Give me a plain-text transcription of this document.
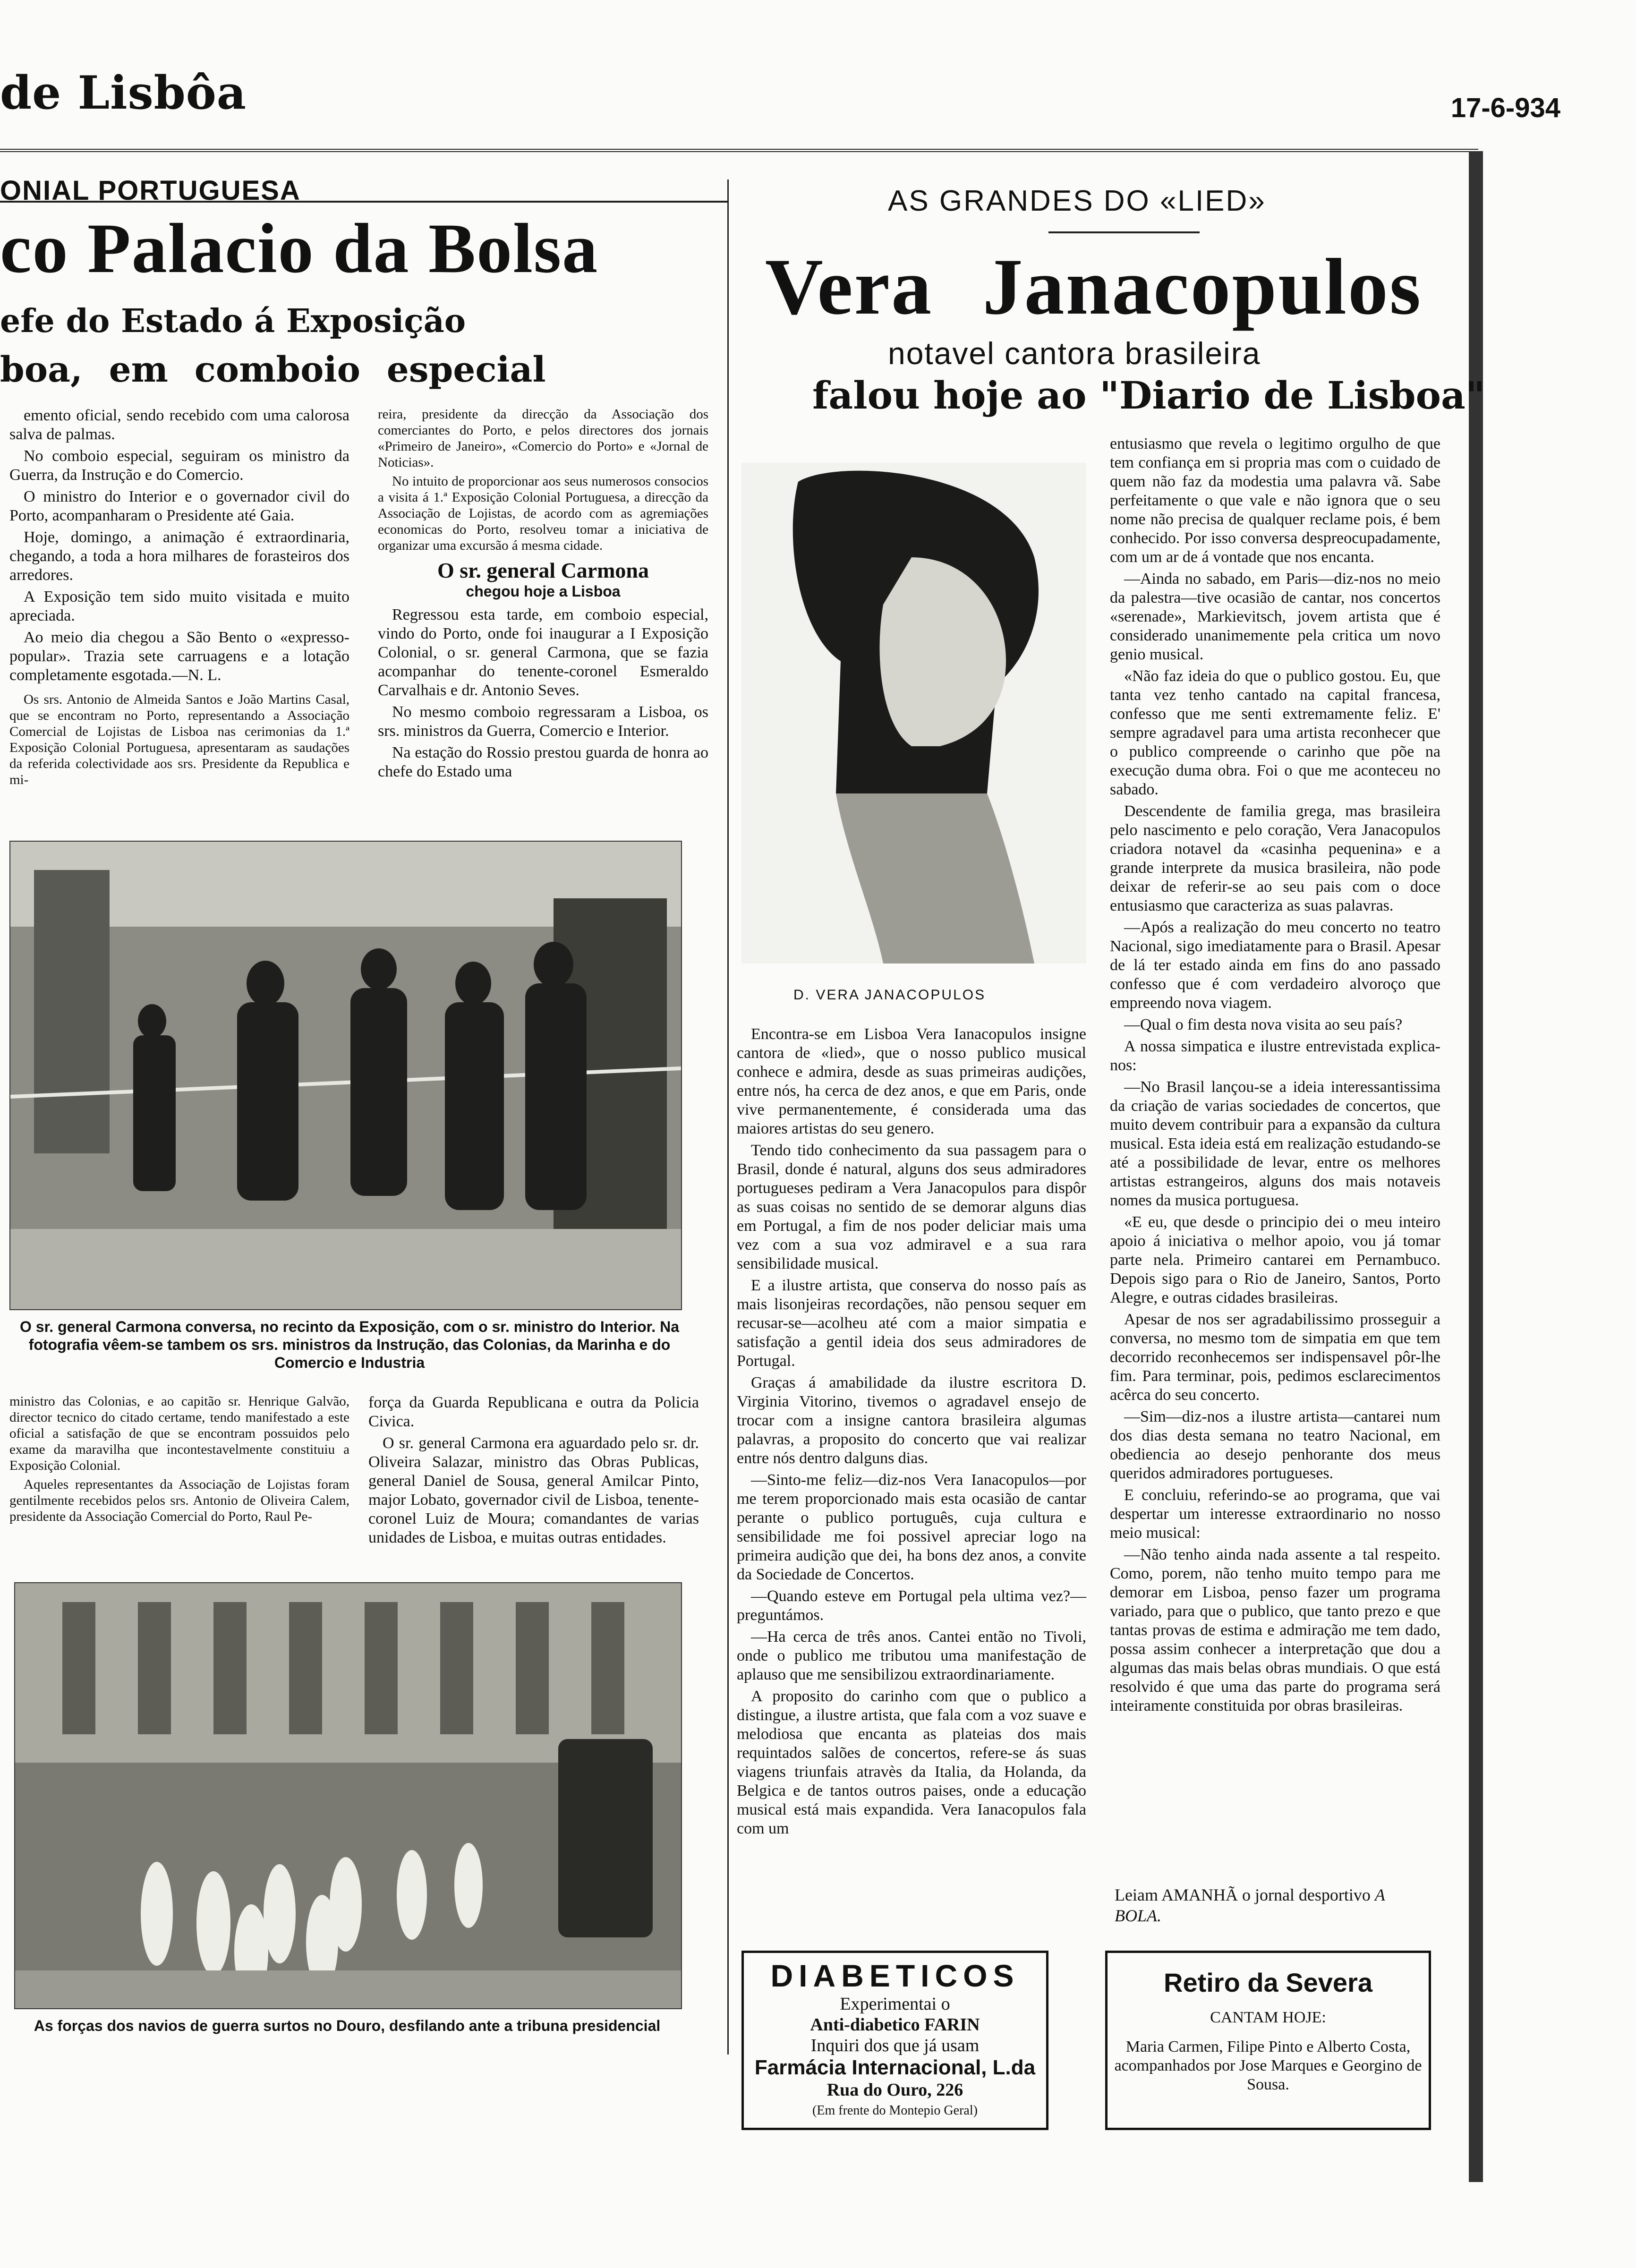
de Lisbôa	17-6-934
ONIAL PORTUGUESA
co Palacio da Bolsa
efe do Estado á Exposição
boa, em comboio especial

emento oficial, sendo recebido com uma calorosa salva de palmas.

No comboio especial, seguiram os ministro da Guerra, da Instrução e do Comercio.

O ministro do Interior e o governador civil do Porto, acompanharam o Presidente até Gaia.

Hoje, domingo, a animação é extraordinaria, chegando, a toda a hora milhares de forasteiros dos arredores.

A Exposição tem sido muito visitada e muito apreciada.

Ao meio dia chegou a São Bento o «expresso-popular». Trazia sete carruagens e a lotação completamente esgotada.—N. L.

Os srs. Antonio de Almeida Santos e João Martins Casal, que se encontram no Porto, representando a Associação Comercial de Lojistas de Lisboa nas cerimonias da 1.ª Exposição Colonial Portuguesa, apresentaram as saudações da referida colectividade aos srs. Presidente da Republica e mi-

reira, presidente da direcção da Associação dos comerciantes do Porto, e pelos directores dos jornais «Primeiro de Janeiro», «Comercio do Porto» e «Jornal de Noticias».

No intuito de proporcionar aos seus numerosos consocios a visita á 1.ª Exposição Colonial Portuguesa, a direcção da Associação de Lojistas, de acordo com as agremiações economicas do Porto, resolveu tomar a iniciativa de organizar uma excursão á mesma cidade.

O sr. general Carmona
chegou hoje a Lisboa

Regressou esta tarde, em comboio especial, vindo do Porto, onde foi inaugurar a I Exposição Colonial, o sr. general Carmona, que se fazia acompanhar do tenente-coronel Esmeraldo Carvalhais e dr. Antonio Seves.

No mesmo comboio regressaram a Lisboa, os srs. ministros da Guerra, Comercio e Interior.

Na estação do Rossio prestou guarda de honra ao chefe do Estado uma

O sr. general Carmona conversa, no recinto da Exposição, com o sr. ministro do Interior. Na fotografia vêem-se tambem os srs. ministros da Instrução, das Colonias, da Marinha e do Comercio e Industria

ministro das Colonias, e ao capitão sr. Henrique Galvão, director tecnico do citado certame, tendo manifestado a este oficial a satisfação de que se encontram possuidos pelo exame da maravilha que incontestavelmente constituiu a Exposição Colonial.

Aqueles representantes da Associação de Lojistas foram gentilmente recebidos pelos srs. Antonio de Oliveira Calem, presidente da Associação Comercial do Porto, Raul Pe-

força da Guarda Republicana e outra da Policia Civica.

O sr. general Carmona era aguardado pelo sr. dr. Oliveira Salazar, ministro das Obras Publicas, general Daniel de Sousa, general Amilcar Pinto, major Lobato, governador civil de Lisboa, tenente-coronel Luiz de Moura; comandantes de varias unidades de Lisboa, e muitas outras entidades.

As forças dos navios de guerra surtos no Douro, desfilando ante a tribuna presidencial
AS GRANDES DO «LIED»
Vera Janacopulos
notavel cantora brasileira
falou hoje ao "Diario de Lisboa"
D. VERA JANACOPULOS

Encontra-se em Lisboa Vera Ianacopulos insigne cantora de «lied», que o nosso publico musical conhece e admira, desde as suas primeiras audições, entre nós, ha cerca de dez anos, e que em Paris, onde vive permanentemente, é considerada uma das maiores artistas do seu genero.

Tendo tido conhecimento da sua passagem para o Brasil, donde é natural, alguns dos seus admiradores portugueses pediram a Vera Janacopulos para dispôr as suas coisas no sentido de se demorar alguns dias em Portugal, a fim de nos poder deliciar mais uma vez com a sua voz admiravel e a sua rara sensibilidade musical.

E a ilustre artista, que conserva do nosso país as mais lisonjeiras recordações, não pensou sequer em recusar-se—acolheu até com a maior simpatia e satisfação a gentil ideia dos seus admiradores de Portugal.

Graças á amabilidade da ilustre escritora D. Virginia Vitorino, tivemos o agradavel ensejo de trocar com a insigne cantora brasileira algumas palavras, a proposito do concerto que vai realizar entre nós dentro dalguns dias.

—Sinto-me feliz—diz-nos Vera Ianacopulos—por me terem proporcionado mais esta ocasião de cantar perante o publico português, cuja cultura e sensibilidade me foi possivel apreciar logo na primeira audição que dei, ha bons dez anos, a convite da Sociedade de Concertos.

—Quando esteve em Portugal pela ultima vez?—preguntámos.

—Ha cerca de três anos. Cantei então no Tivoli, onde o publico me tributou uma manifestação de aplauso que me sensibilizou extraordinariamente.

A proposito do carinho com que o publico a distingue, a ilustre artista, que fala com a voz suave e melodiosa que encanta as plateias dos mais requintados salões de concertos, refere-se ás suas viagens triunfais atravès da Italia, da Holanda, da Belgica e de tantos outros paises, onde a educação musical está mais expandida. Vera Ianacopulos fala com um

entusiasmo que revela o legitimo orgulho de que tem confiança em si propria mas com o cuidado de quem não faz da modestia uma palavra vã. Sabe perfeitamente o que vale e não ignora que o seu nome não precisa de qualquer reclame pois, é bem conhecido. Por isso conversa despreocupadamente, com um ar de á vontade que nos encanta.

—Ainda no sabado, em Paris—diz-nos no meio da palestra—tive ocasião de cantar, nos concertos «serenade», Markievitsch, jovem artista que é considerado unanimemente pela critica um novo genio musical.

«Não faz ideia do que o publico gostou. Eu, que tanta vez tenho cantado na capital francesa, confesso que me senti extremamente feliz. E' sempre agradavel para uma artista reconhecer que o publico compreende o carinho que põe na execução duma obra. Foi o que me aconteceu no sabado.

Descendente de familia grega, mas brasileira pelo nascimento e pelo coração, Vera Janacopulos criadora notavel da «casinha pequenina» e a grande interprete da musica brasileira, não pode deixar de referir-se ao seu pais com o doce entusiasmo que caracteriza as suas palavras.

—Após a realização do meu concerto no teatro Nacional, sigo imediatamente para o Brasil. Apesar de lá ter estado ainda em fins do ano passado confesso que é com verdadeiro alvoroço que empreendo nova viagem.

—Qual o fim desta nova visita ao seu país?

A nossa simpatica e ilustre entrevistada explica-nos:

—No Brasil lançou-se a ideia interessantissima da criação de varias sociedades de concertos, que muito devem contribuir para a expansão da cultura musical. Esta ideia está em realização estudando-se até a possibilidade de levar, entre os melhores artistas estrangeiros, alguns dos mais notaveis nomes da musica portuguesa.

«E eu, que desde o principio dei o meu inteiro apoio á iniciativa o melhor apoio, vou já tomar parte nela. Primeiro cantarei em Pernambuco. Depois sigo para o Rio de Janeiro, Santos, Porto Alegre, e outras cidades brasileiras.

Apesar de nos ser agradabilissimo prosseguir a conversa, no mesmo tom de simpatia em que tem decorrido reconhecemos ser indispensavel pôr-lhe fim. Para terminar, pois, pedimos esclarecimentos acêrca do seu concerto.

—Sim—diz-nos a ilustre artista—cantarei num dos dias desta semana no teatro Nacional, em obediencia ao desejo penhorante dos meus queridos admiradores portugueses.

E concluiu, referindo-se ao programa, que vai despertar um interesse extraordinario no nosso meio musical:

—Não tenho ainda nada assente a tal respeito. Como, porem, não tenho muito tempo para me demorar em Lisboa, penso fazer um programa variado, para que o publico, que tanto prezo e que tantas provas de estima e admiração me tem dado, possa assim conhecer a interpretação que dou a algumas das mais belas obras mundiais. O que está resolvido é que uma das parte do programa será inteiramente constituida por obras brasileiras.

Leiam AMANHÃ o jornal desportivo A BOLA.
DIABETICOS
Experimentai o
Anti-diabetico FARIN
Inquiri dos que já usam
Farmácia Internacional, L.da
Rua do Ouro, 226
(Em frente do Montepio Geral)
Retiro da Severa
CANTAM HOJE:
Maria Carmen, Filipe Pinto e Alberto Costa, acompanhados por Jose Marques e Georgino de Sousa.
